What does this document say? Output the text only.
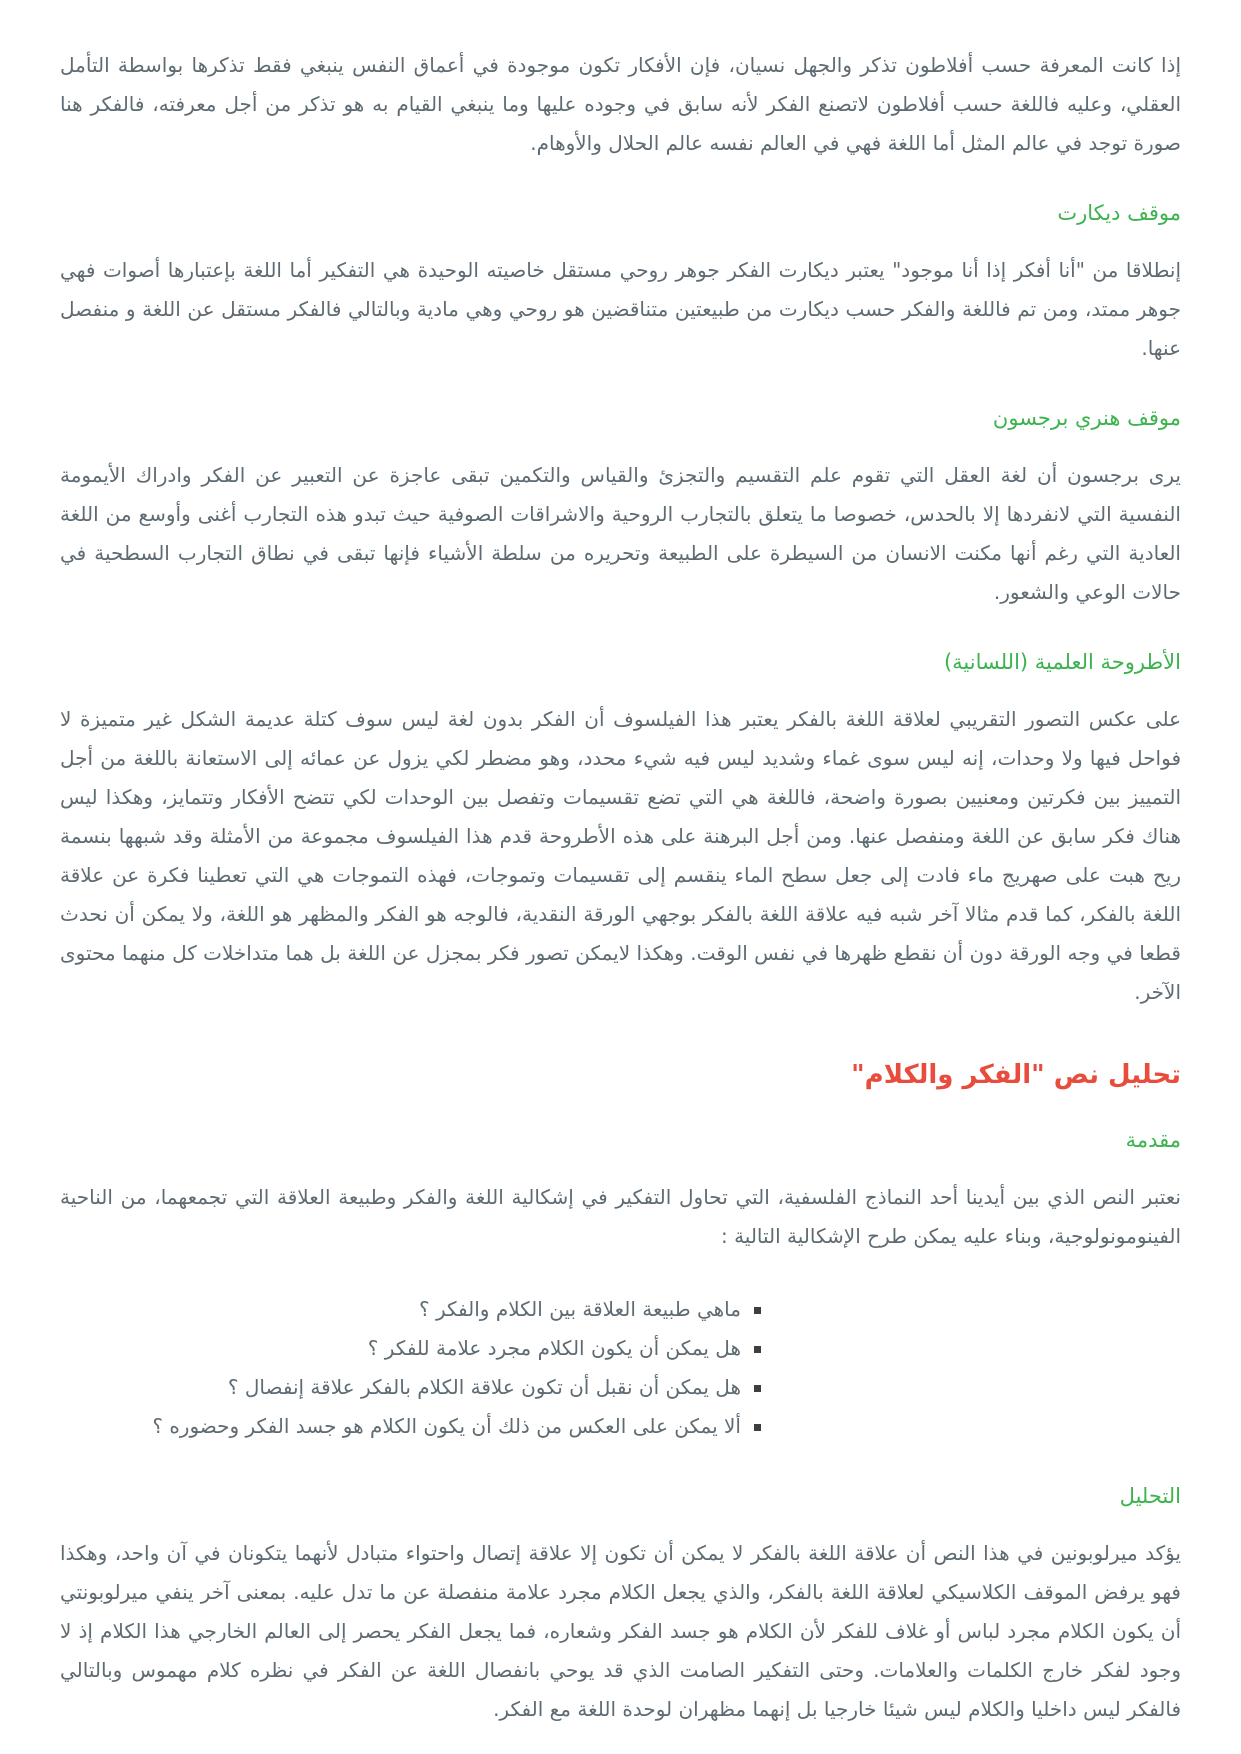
إذا كانت المعرفة حسب أفلاطون تذكر والجهل نسيان، فإن الأفكار تكون موجودة في أعماق النفس ينبغي فقط تذكرها بواسطة التأمل العقلي، وعليه فاللغة حسب أفلاطون لاتصنع الفكر لأنه سابق في وجوده عليها وما ينبغي القيام به هو تذكر من أجل معرفته، فالفكر هنا صورة توجد في عالم المثل أما اللغة فهي في العالم نفسه عالم الحلال والأوهام.

موقف ديكارت

إنطلاقا من "أنا أفكر إذا أنا موجود" يعتبر ديكارت الفكر جوهر روحي مستقل خاصيته الوحيدة هي التفكير أما اللغة بإعتبارها أصوات فهي جوهر ممتد، ومن تم فاللغة والفكر حسب ديكارت من طبيعتين متناقضين هو روحي وهي مادية وبالتالي فالفكر مستقل عن اللغة و منفصل عنها.

موقف هنري برجسون

يرى برجسون أن لغة العقل التي تقوم علم التقسيم والتجزئ والقياس والتكمين تبقى عاجزة عن التعبير عن الفكر وادراك الأيمومة النفسية التي لانفردها إلا بالحدس، خصوصا ما يتعلق بالتجارب الروحية والاشراقات الصوفية حيث تبدو هذه التجارب أغنى وأوسع من اللغة العادية التي رغم أنها مكنت الانسان من السيطرة على الطبيعة وتحريره من سلطة الأشياء فإنها تبقى في نطاق التجارب السطحية في حالات الوعي والشعور.

الأطروحة العلمية (اللسانية)

على عكس التصور التقريبي لعلاقة اللغة بالفكر يعتبر هذا الفيلسوف أن الفكر بدون لغة ليس سوف كتلة عديمة الشكل غير متميزة لا فواحل فيها ولا وحدات، إنه ليس سوى غماء وشديد ليس فيه شيء محدد، وهو مضطر لكي يزول عن عمائه إلى الاستعانة باللغة من أجل التمييز بين فكرتين ومعنيين بصورة واضحة، فاللغة هي التي تضع تقسيمات وتفصل بين الوحدات لكي تتضح الأفكار وتتمايز، وهكذا ليس هناك فكر سابق عن اللغة ومنفصل عنها. ومن أجل البرهنة على هذه الأطروحة قدم هذا الفيلسوف مجموعة من الأمثلة وقد شبهها بنسمة ريح هبت على صهريج ماء فادت إلى جعل سطح الماء ينقسم إلى تقسيمات وتموجات، فهذه التموجات هي التي تعطينا فكرة عن علاقة اللغة بالفكر، كما قدم مثالا آخر شبه فيه علاقة اللغة بالفكر بوجهي الورقة النقدية، فالوجه هو الفكر والمظهر هو اللغة، ولا يمكن أن نحدث قطعا في وجه الورقة دون أن نقطع ظهرها في نفس الوقت. وهكذا لايمكن تصور فكر بمجزل عن اللغة بل هما متداخلات كل منهما محتوى الآخر.

تحليل نص "الفكر والكلام"
مقدمة

نعتبر النص الذي بين أيدينا أحد النماذج الفلسفية، التي تحاول التفكير في إشكالية اللغة والفكر وطبيعة العلاقة التي تجمعهما، من الناحية الفينومونولوجية، وبناء عليه يمكن طرح الإشكالية التالية :

ماهي طبيعة العلاقة بين الكلام والفكر ؟
هل يمكن أن يكون الكلام مجرد علامة للفكر ؟
هل يمكن أن نقبل أن تكون علاقة الكلام بالفكر علاقة إنفصال ؟
ألا يمكن على العكس من ذلك أن يكون الكلام هو جسد الفكر وحضوره ؟
التحليل

يؤكد ميرلوبونين في هذا النص أن علاقة اللغة بالفكر لا يمكن أن تكون إلا علاقة إتصال واحتواء متبادل لأنهما يتكونان في آن واحد، وهكذا فهو يرفض الموقف الكلاسيكي لعلاقة اللغة بالفكر، والذي يجعل الكلام مجرد علامة منفصلة عن ما تدل عليه. بمعنى آخر ينفي ميرلوبونتي أن يكون الكلام مجرد لباس أو غلاف للفكر لأن الكلام هو جسد الفكر وشعاره، فما يجعل الفكر يحصر إلى العالم الخارجي هذا الكلام إذ لا وجود لفكر خارج الكلمات والعلامات. وحتى التفكير الصامت الذي قد يوحي بانفصال اللغة عن الفكر في نظره كلام مهموس وبالتالي فالفكر ليس داخليا والكلام ليس شيئا خارجيا بل إنهما مظهران لوحدة اللغة مع الفكر.
